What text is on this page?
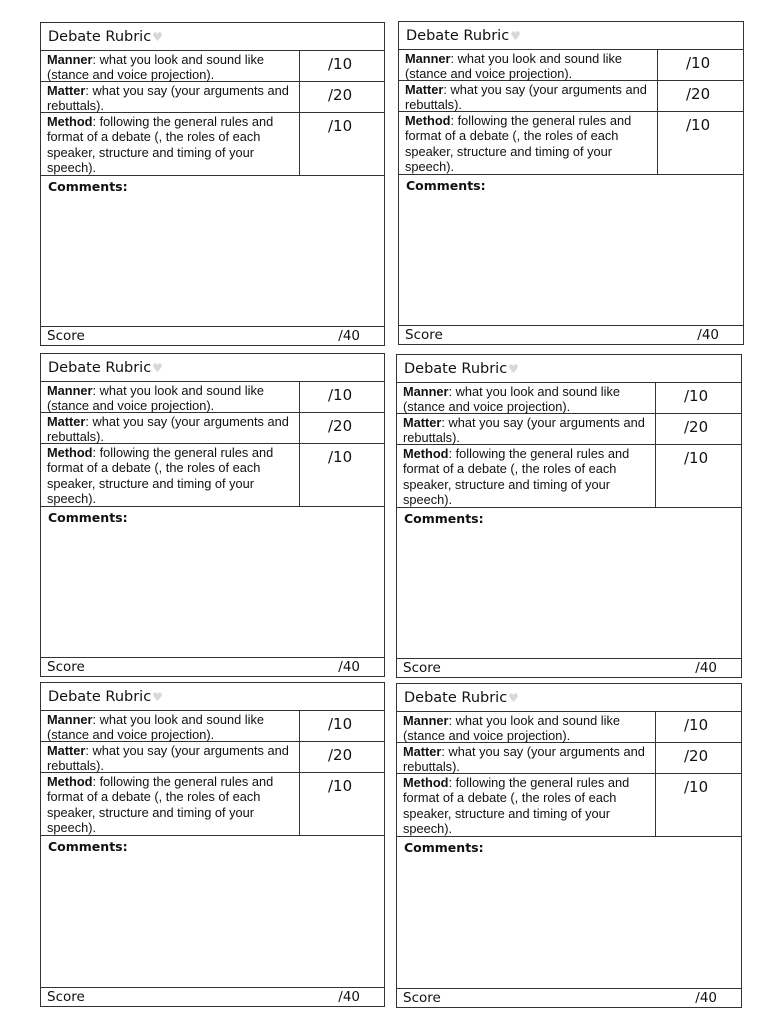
Debate Rubric ♥
Manner: what you look and sound like (stance and voice projection).
/10
Matter: what you say (your arguments and rebuttals).
/20
Method: following the general rules and format of a debate (, the roles of each speaker, structure and timing of your speech).
/10
Comments:
Score	/40
Debate Rubric ♥
Manner: what you look and sound like (stance and voice projection).
/10
Matter: what you say (your arguments and rebuttals).
/20
Method: following the general rules and format of a debate (, the roles of each speaker, structure and timing of your speech).
/10
Comments:
Score	/40
Debate Rubric ♥
Manner: what you look and sound like (stance and voice projection).
/10
Matter: what you say (your arguments and rebuttals).
/20
Method: following the general rules and format of a debate (, the roles of each speaker, structure and timing of your speech).
/10
Comments:
Score	/40
Debate Rubric ♥
Manner: what you look and sound like (stance and voice projection).
/10
Matter: what you say (your arguments and rebuttals).
/20
Method: following the general rules and format of a debate (, the roles of each speaker, structure and timing of your speech).
/10
Comments:
Score	/40
Debate Rubric ♥
Manner: what you look and sound like (stance and voice projection).
/10
Matter: what you say (your arguments and rebuttals).
/20
Method: following the general rules and format of a debate (, the roles of each speaker, structure and timing of your speech).
/10
Comments:
Score	/40
Debate Rubric ♥
Manner: what you look and sound like (stance and voice projection).
/10
Matter: what you say (your arguments and rebuttals).
/20
Method: following the general rules and format of a debate (, the roles of each speaker, structure and timing of your speech).
/10
Comments:
Score	/40
